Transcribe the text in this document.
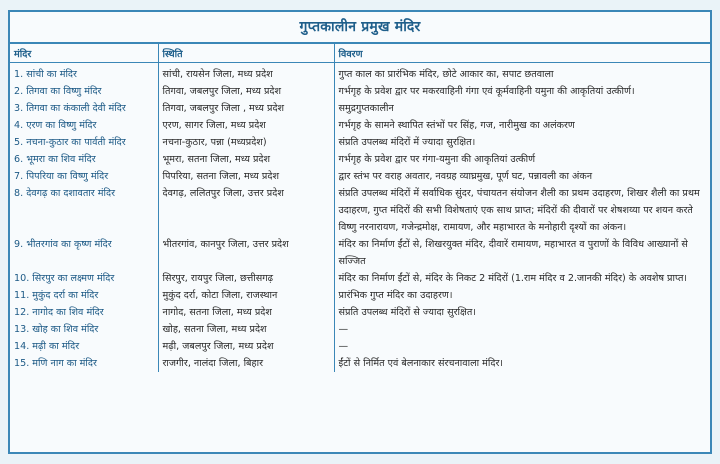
गुप्तकालीन प्रमुख मंदिर
मंदिर	स्थिति	विवरण
1. सांची का मंदिर	सांची, रायसेन जिला, मध्य प्रदेश	गुप्त काल का प्रारंभिक मंदिर, छोटे आकार का, सपाट छतवाला
2. तिगवा का विष्णु मंदिर	तिगवा, जबलपुर जिला, मध्य प्रदेश	गर्भगृह के प्रवेश द्वार पर मकरवाहिनी गंगा एवं कूर्मवाहिनी यमुना की आकृतियां उत्कीर्ण।
3. तिगवा का कंकाली देवी मंदिर	तिगवा, जबलपुर जिला , मध्य प्रदेश	समुद्रगुप्तकालीन
4. एरण का विष्णु मंदिर	एरण, सागर जिला, मध्य प्रदेश	गर्भगृह के सामने स्थापित स्तंभों पर सिंह, गज, नारीमुख का अलंकरण
5. नचना-कुठार का पार्वती मंदिर	नचना-कुठार, पन्ना (मध्यप्रदेश)	संप्रति उपलब्ध मंदिरों में ज्यादा सुरक्षित।
6. भूमरा का शिव मंदिर	भूमरा, सतना जिला, मध्य प्रदेश	गर्भगृह के प्रवेश द्वार पर गंगा-यमुना की आकृतियां उत्कीर्ण
7. पिपरिया का विष्णु मंदिर	पिपरिया, सतना जिला, मध्य प्रदेश	द्वार स्तंभ पर वराह अवतार, नवग्रह व्याघ्रमुख, पूर्ण घट, पन्नावली का अंकन
8. देवगढ़ का दशावतार मंदिर	देवगढ़, ललितपुर जिला, उत्तर प्रदेश	संप्रति उपलब्ध मंदिरों में सर्वाधिक सुंदर, पंचायतन संयोजन शैली का प्रथम उदाहरण, शिखर शैली का प्रथम उदाहरण, गुप्त मंदिरों की सभी विशेषताएं एक साथ प्राप्त; मंदिरों की दीवारों पर शेषशय्या पर शयन करते विष्णु नरनारायण, गजेन्द्रमोक्ष, रामायण, और महाभारत के मनोहारी दृश्यों का अंकन।
9. भीतरगांव का कृष्ण मंदिर	भीतरगांव, कानपुर जिला, उत्तर प्रदेश	मंदिर का निर्माण ईंटों से, शिखरयुक्त मंदिर, दीवारें रामायण, महाभारत व पुराणों के विविध आख्यानों से सज्जित
10. सिरपुर का लक्ष्मण मंदिर	सिरपुर, रायपुर जिला, छत्तीसगढ़	मंदिर का निर्माण ईंटों से, मंदिर के निकट 2 मंदिरों (1.राम मंदिर व 2.जानकी मंदिर) के अवशेष प्राप्त।
11. मुकुंद दर्रा का मंदिर	मुकुंद दर्रा, कोटा जिला, राजस्थान	प्रारंभिक गुप्त मंदिर का उदाहरण।
12. नागोद का शिव मंदिर	नागोद, सतना जिला, मध्य प्रदेश	संप्रति उपलब्ध मंदिरों से ज्यादा सुरक्षित।
13. खोह का शिव मंदिर	खोह, सतना जिला, मध्य प्रदेश	—
14. मढ़ी का मंदिर	मढ़ी, जबलपुर जिला, मध्य प्रदेश	—
15. मणि नाग का मंदिर	राजगीर, नालंदा जिला, बिहार	ईंटों से निर्मित एवं बेलनाकार संरचनावाला मंदिर।
